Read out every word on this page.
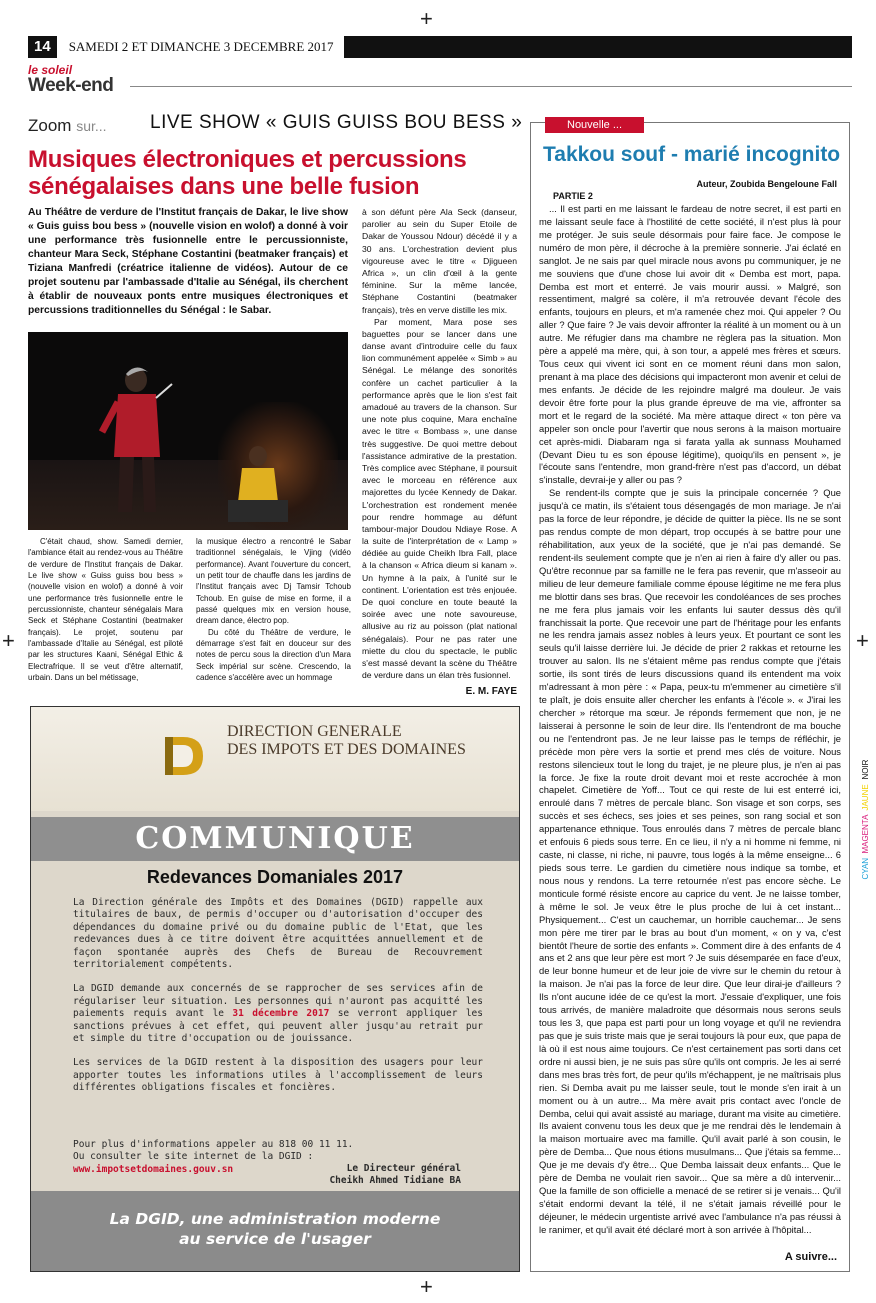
+
+	+
+
CYAN MAGENTA JAUNE NOIR
14	SAMEDI 2 ET DIMANCHE 3 DECEMBRE 2017
le soleil
Week-end
Zoom sur... LIVE SHOW « GUIS GUISS BOU BESS »
Musiques électroniques et percussions sénégalaises dans une belle fusion
Au Théâtre de verdure de l'Institut français de Dakar, le live show « Guis guiss bou bess » (nouvelle vision en wolof) a donné à voir une performance très fusionnelle entre le percussionniste, chanteur Mara Seck, Stéphane Costantini (beatmaker français) et Tiziana Manfredi (créatrice italienne de vidéos). Autour de ce projet soutenu par l'ambassade d'Italie au Sénégal, ils cherchent à établir de nouveaux ponts entre musiques électroniques et percussions traditionnelles du Sénégal : le Sabar.

C'était chaud, show. Samedi dernier, l'ambiance était au rendez-vous au Théâtre de verdure de l'Institut français de Dakar. Le live show « Guiss guiss bou bess » (nouvelle vision en wolof) a donné à voir une performance très fusionnelle entre le percussionniste, chanteur sénégalais Mara Seck et Stéphane Costantini (beatmaker français). Le projet, soutenu par l'ambassade d'Italie au Sénégal, est piloté par les structures Kaani, Sénégal Ethic & Electrafrique. Il se veut d'être alternatif, urbain. Dans un bel métissage,

la musique électro a rencontré le Sabar traditionnel sénégalais, le Vjing (vidéo performance). Avant l'ouverture du concert, un petit tour de chauffe dans les jardins de l'Institut français avec Dj Tamsir Tchoub Tchoub. En guise de mise en forme, il a passé quelques mix en version house, dream dance, électro pop.

Du côté du Théâtre de verdure, le démarrage s'est fait en douceur sur des notes de percu sous la direction d'un Mara Seck impérial sur scène. Crescendo, la cadence s'accélère avec un hommage

à son défunt père Ala Seck (danseur, parolier au sein du Super Etoile de Dakar de Youssou Ndour) décédé il y a 30 ans. L'orchestration devient plus vigoureuse avec le titre « Djigueen Africa », un clin d'œil à la gente féminine. Sur la même lancée, Stéphane Costantini (beatmaker français), très en verve distille les mix.

Par moment, Mara pose ses baguettes pour se lancer dans une danse avant d'introduire celle du faux lion communément appelée « Simb » au Sénégal. Le mélange des sonorités confère un cachet particulier à la performance après que le lion s'est fait amadoué au travers de la chanson. Sur une note plus coquine, Mara enchaîne avec le titre « Bombass », une danse très suggestive. De quoi mettre debout l'assistance admirative de la prestation. Très complice avec Stéphane, il poursuit avec le morceau en référence aux majorettes du lycée Kennedy de Dakar. L'orchestration est rondement menée pour rendre hommage au défunt tambour-major Doudou Ndiaye Rose. A la suite de l'interprétation de « Lamp » dédiée au guide Cheikh Ibra Fall, place à la chanson « Africa dieum si kanam ». Un hymne à la paix, à l'unité sur le continent. L'orientation est très enjouée. De quoi conclure en toute beauté la soirée avec une note savoureuse, allusive au riz au poisson (plat national sénégalais). Pour ne pas rater une miette du clou du spectacle, le public s'est massé devant la scène du Théâtre de verdure dans un élan très fusionnel.

E. M. FAYE
DIRECTION GENERALE
DES IMPOTS ET DES DOMAINES
COMMUNIQUE
Redevances Domaniales 2017

La Direction générale des Impôts et des Domaines (DGID) rappelle aux titulaires de baux, de permis d'occuper ou d'autorisation d'occuper des dépendances du domaine privé ou du domaine public de l'Etat, que les redevances dues à ce titre doivent être acquittées annuellement et de façon spontanée auprès des Chefs de Bureau de Recouvrement territorialement compétents.

La DGID demande aux concernés de se rapprocher de ses services afin de régulariser leur situation. Les personnes qui n'auront pas acquitté les paiements requis avant le 31 décembre 2017 se verront appliquer les sanctions prévues à cet effet, qui peuvent aller jusqu'au retrait pur et simple du titre d'occupation ou de jouissance.

Les services de la DGID restent à la disposition des usagers pour leur apporter toutes les informations utiles à l'accomplissement de leurs différentes obligations fiscales et foncières.

Pour plus d'informations appeler au 818 00 11 11.
Ou consulter le site internet de la DGID :
www.impotsetdomaines.gouv.sn	Le Directeur général
Cheikh Ahmed Tidiane BA
La DGID, une administration moderne
au service de l'usager
Nouvelle ...
Takkou souf - marié incognito
Auteur, Zoubida Bengeloune Fall
PARTIE 2

... Il est parti en me laissant le fardeau de notre secret, il est parti en me laissant seule face à l'hostilité de cette société, il n'est plus là pour me protéger. Je suis seule désormais pour faire face. Je compose le numéro de mon père, il décroche à la première sonnerie. J'ai éclaté en sanglot. Je ne sais par quel miracle nous avons pu communiquer, je ne me souviens que d'une chose lui avoir dit « Demba est mort, papa. Demba est mort et enterré. Je vais mourir aussi. » Malgré, son ressentiment, malgré sa colère, il m'a retrouvée devant l'école des enfants, toujours en pleurs, et m'a ramenée chez moi. Qui appeler ? Ou aller ? Que faire ? Je vais devoir affronter la réalité à un moment ou à un autre. Me réfugier dans ma chambre ne règlera pas la situation. Mon père a appelé ma mère, qui, à son tour, a appelé mes frères et sœurs. Tous ceux qui vivent ici sont en ce moment réuni dans mon salon, prenant à ma place des décisions qui impacteront mon avenir et celui de mes enfants. Je décide de les rejoindre malgré ma douleur. Je vais devoir être forte pour la plus grande épreuve de ma vie, affronter sa mort et le regard de la société. Ma mère attaque direct « ton père va appeler son oncle pour l'avertir que nous serons à la maison mortuaire cet après-midi. Diabaram nga si farata yalla ak sunnass Mouhamed (Devant Dieu tu es son épouse légitime), quoiqu'ils en pensent », je l'écoute sans l'entendre, mon grand-frère n'est pas d'accord, un débat s'installe, devrai-je y aller ou pas ?

Se rendent-ils compte que je suis la principale concernée ? Que jusqu'à ce matin, ils s'étaient tous désengagés de mon mariage. Je n'ai pas la force de leur répondre, je décide de quitter la pièce. Ils ne se sont pas rendus compte de mon départ, trop occupés à se battre pour une réhabilitation, aux yeux de la société, que je n'ai pas demandé. Se rendent-ils seulement compte que je n'en ai rien à faire d'y aller ou pas. Qu'être reconnue par sa famille ne le fera pas revenir, que m'asseoir au milieu de leur demeure familiale comme épouse légitime ne me fera plus me blottir dans ses bras. Que recevoir les condoléances de ses proches ne me fera plus jamais voir les enfants lui sauter dessus dès qu'il franchissait la porte. Que recevoir une part de l'héritage pour les enfants ne les rendra jamais assez nobles à leurs yeux. Et pourtant ce sont les seuls qu'il laisse derrière lui. Je décide de prier 2 rakkas et retourne les trouver au salon. Ils ne s'étaient même pas rendus compte que j'étais sortie, ils sont tirés de leurs discussions quand ils entendent ma voix m'adressant à mon père : « Papa, peux-tu m'emmener au cimetière s'il te plaît, je dois ensuite aller chercher les enfants à l'école ». « J'irai les chercher » rétorque ma sœur. Je réponds fermement que non, je ne laisserai à personne le soin de leur dire. Ils l'entendront de ma bouche ou ne l'entendront pas. Je ne leur laisse pas le temps de réfléchir, je précède mon père vers la sortie et prend mes clés de voiture. Nous restons silencieux tout le long du trajet, je ne pleure plus, je n'en ai pas la force. Je fixe la route droit devant moi et reste accrochée à mon chapelet. Cimetière de Yoff... Tout ce qui reste de lui est enterré ici, enroulé dans 7 mètres de percale blanc. Son visage et son corps, ses succès et ses échecs, ses joies et ses peines, son rang social et son appartenance ethnique. Tous enroulés dans 7 mètres de percale blanc et enfouis 6 pieds sous terre. En ce lieu, il n'y a ni homme ni femme, ni caste, ni classe, ni riche, ni pauvre, tous logés à la même enseigne... 6 pieds sous terre. Le gardien du cimetière nous indique sa tombe, et nous nous y rendons. La terre retournée n'est pas encore sèche. Le monticule formé résiste encore au caprice du vent. Je ne laisse tomber, à même le sol. Je veux être le plus proche de lui à cet instant... Physiquement... C'est un cauchemar, un horrible cauchemar... Je sens mon père me tirer par le bras au bout d'un moment, « on y va, c'est bientôt l'heure de sortie des enfants ». Comment dire à des enfants de 4 ans et 2 ans que leur père est mort ? Je suis désemparée en face d'eux, de leur bonne humeur et de leur joie de vivre sur le chemin du retour à la maison. Je n'ai pas la force de leur dire. Que leur dirai-je d'ailleurs ? Ils n'ont aucune idée de ce qu'est la mort. J'essaie d'expliquer, une fois tous arrivés, de manière maladroite que désormais nous serons seuls tous les 3, que papa est parti pour un long voyage et qu'il ne reviendra pas que je suis triste mais que je serai toujours là pour eux, que papa de là où il est nous aime toujours. Ce n'est certainement pas sorti dans cet ordre ni aussi bien, je ne suis pas sûre qu'ils ont compris. Je les ai serré dans mes bras très fort, de peur qu'ils m'échappent, je ne maîtrisais plus rien. Si Demba avait pu me laisser seule, tout le monde s'en irait à un moment ou à un autre... Ma mère avait pris contact avec l'oncle de Demba, celui qui avait assisté au mariage, durant ma visite au cimetière. Ils avaient convenu tous les deux que je me rendrai dès le lendemain à la maison mortuaire avec ma famille. Qu'il avait parlé à son cousin, le père de Demba... Que nous étions musulmans... Que j'étais sa femme... Que je me devais d'y être... Que Demba laissait deux enfants... Que le père de Demba ne voulait rien savoir... Que sa mère a dû intervenir... Que la famille de son officielle a menacé de se retirer si je venais... Qu'il s'était endormi devant la télé, il ne s'était jamais réveillé pour le déjeuner, le médecin urgentiste arrivé avec l'ambulance n'a pas réussi à le ranimer, et qu'il avait été déclaré mort à son arrivée à l'hôpital...

A suivre...
